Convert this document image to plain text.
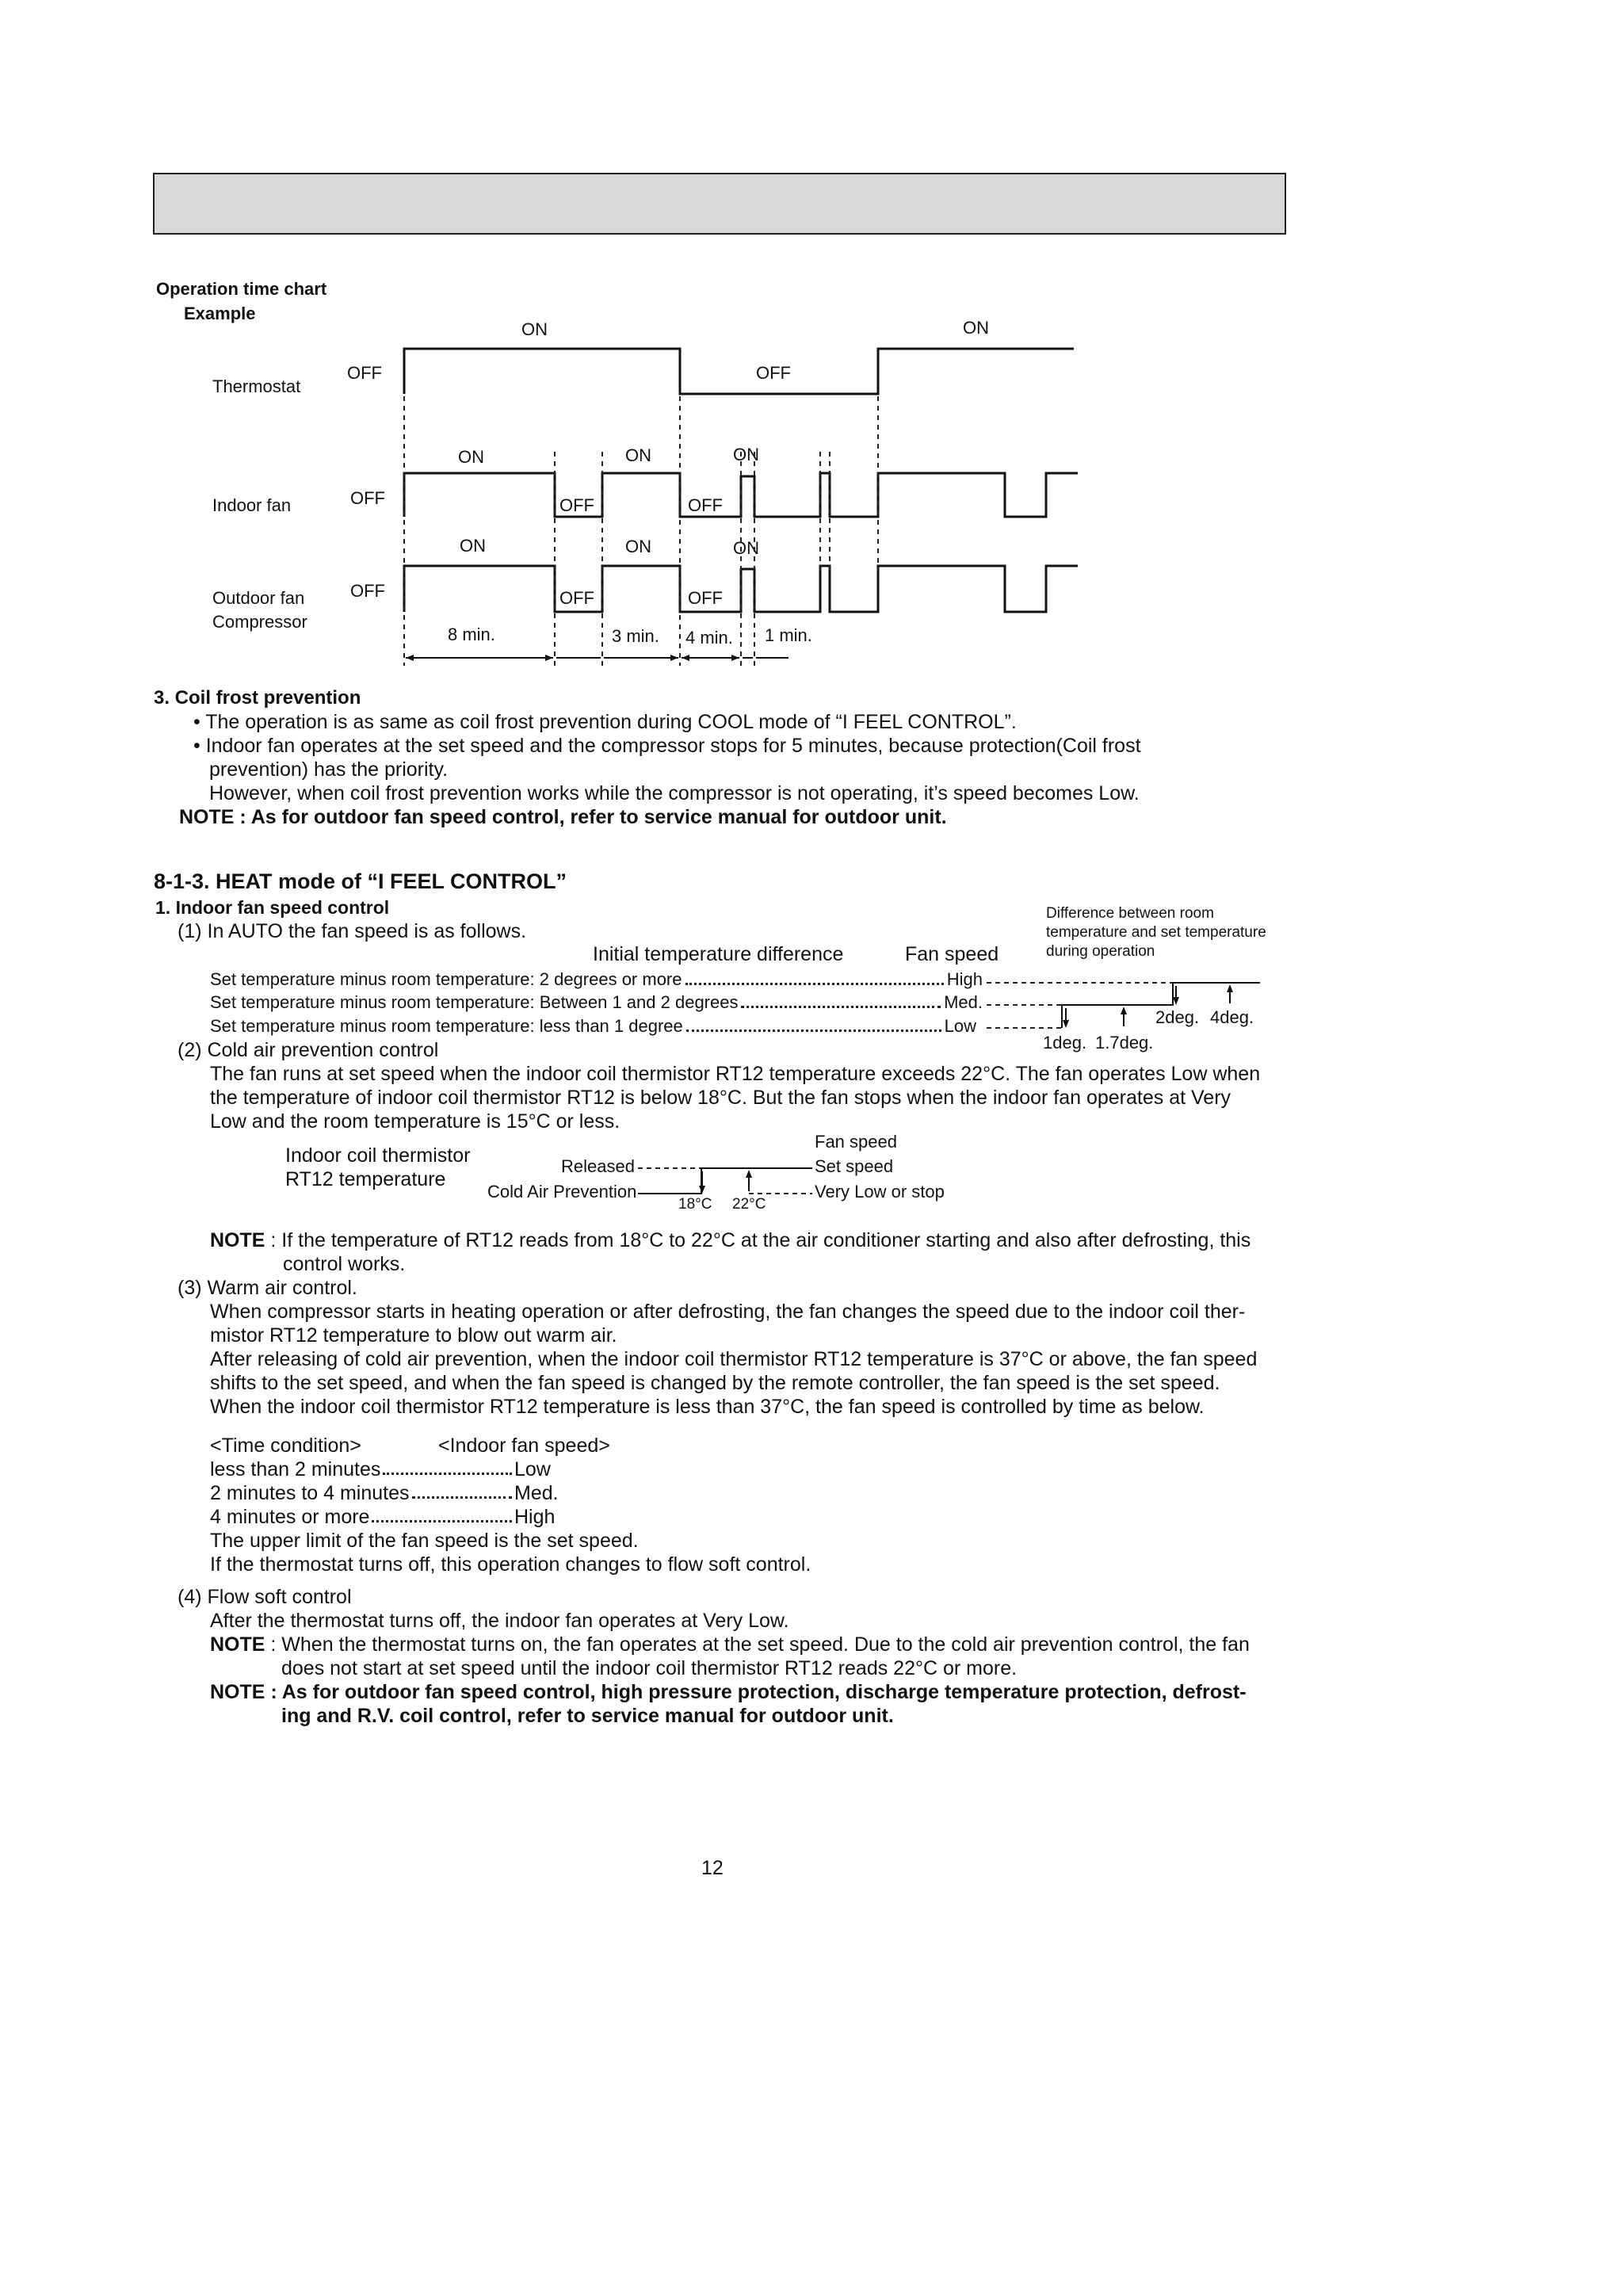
Operation time chart
Example
Thermostat
Indoor fan
Outdoor fan
Compressor
ON	ON
OFF	OFF
ON	ON	ON
OFF	OFF	OFF
ON	ON	ON
OFF	OFF	OFF
8 min.	3 min. 4 min. 1 min.
3. Coil frost prevention
• The operation is as same as coil frost prevention during COOL mode of “I FEEL CONTROL”.
• Indoor fan operates at the set speed and the compressor stops for 5 minutes, because protection(Coil frost
prevention) has the priority.
However, when coil frost prevention works while the compressor is not operating, it’s speed becomes Low.
NOTE : As for outdoor fan speed control, refer to service manual for outdoor unit.
8-1-3. HEAT mode of “I FEEL CONTROL”
1. Indoor fan speed control
(1) In AUTO the fan speed is as follows.
Difference between room
temperature and set temperature
during operation
Initial temperature difference	Fan speed
Set temperature minus room temperature: 2 degrees or more	High
Set temperature minus room temperature: Between 1 and 2 degrees	Med.
Set temperature minus room temperature: less than 1 degree	Low	2deg. 4deg.
1deg. 1.7deg.
(2) Cold air prevention control
The fan runs at set speed when the indoor coil thermistor RT12 temperature exceeds 22°C. The fan operates Low when
the temperature of indoor coil thermistor RT12 is below 18°C. But the fan stops when the indoor fan operates at Very
Low and the room temperature is 15°C or less.
Indoor coil thermistor
RT12 temperature
Fan speed
Released	Set speed
Cold Air Prevention	Very Low or stop
18°C 22°C
NOTE : If the temperature of RT12 reads from 18°C to 22°C at the air conditioner starting and also after defrosting, this
control works.
(3) Warm air control.
When compressor starts in heating operation or after defrosting, the fan changes the speed due to the indoor coil ther-
mistor RT12 temperature to blow out warm air.
After releasing of cold air prevention, when the indoor coil thermistor RT12 temperature is 37°C or above, the fan speed
shifts to the set speed, and when the fan speed is changed by the remote controller, the fan speed is the set speed.
When the indoor coil thermistor RT12 temperature is less than 37°C, the fan speed is controlled by time as below.
<Time condition>	<Indoor fan speed>
less than 2 minutes	Low
2 minutes to 4 minutes	Med.
4 minutes or more	High
The upper limit of the fan speed is the set speed.
If the thermostat turns off, this operation changes to flow soft control.
(4) Flow soft control
After the thermostat turns off, the indoor fan operates at Very Low.
NOTE : When the thermostat turns on, the fan operates at the set speed. Due to the cold air prevention control, the fan
does not start at set speed until the indoor coil thermistor RT12 reads 22°C or more.
NOTE : As for outdoor fan speed control, high pressure protection, discharge temperature protection, defrost-
ing and R.V. coil control, refer to service manual for outdoor unit.
12
